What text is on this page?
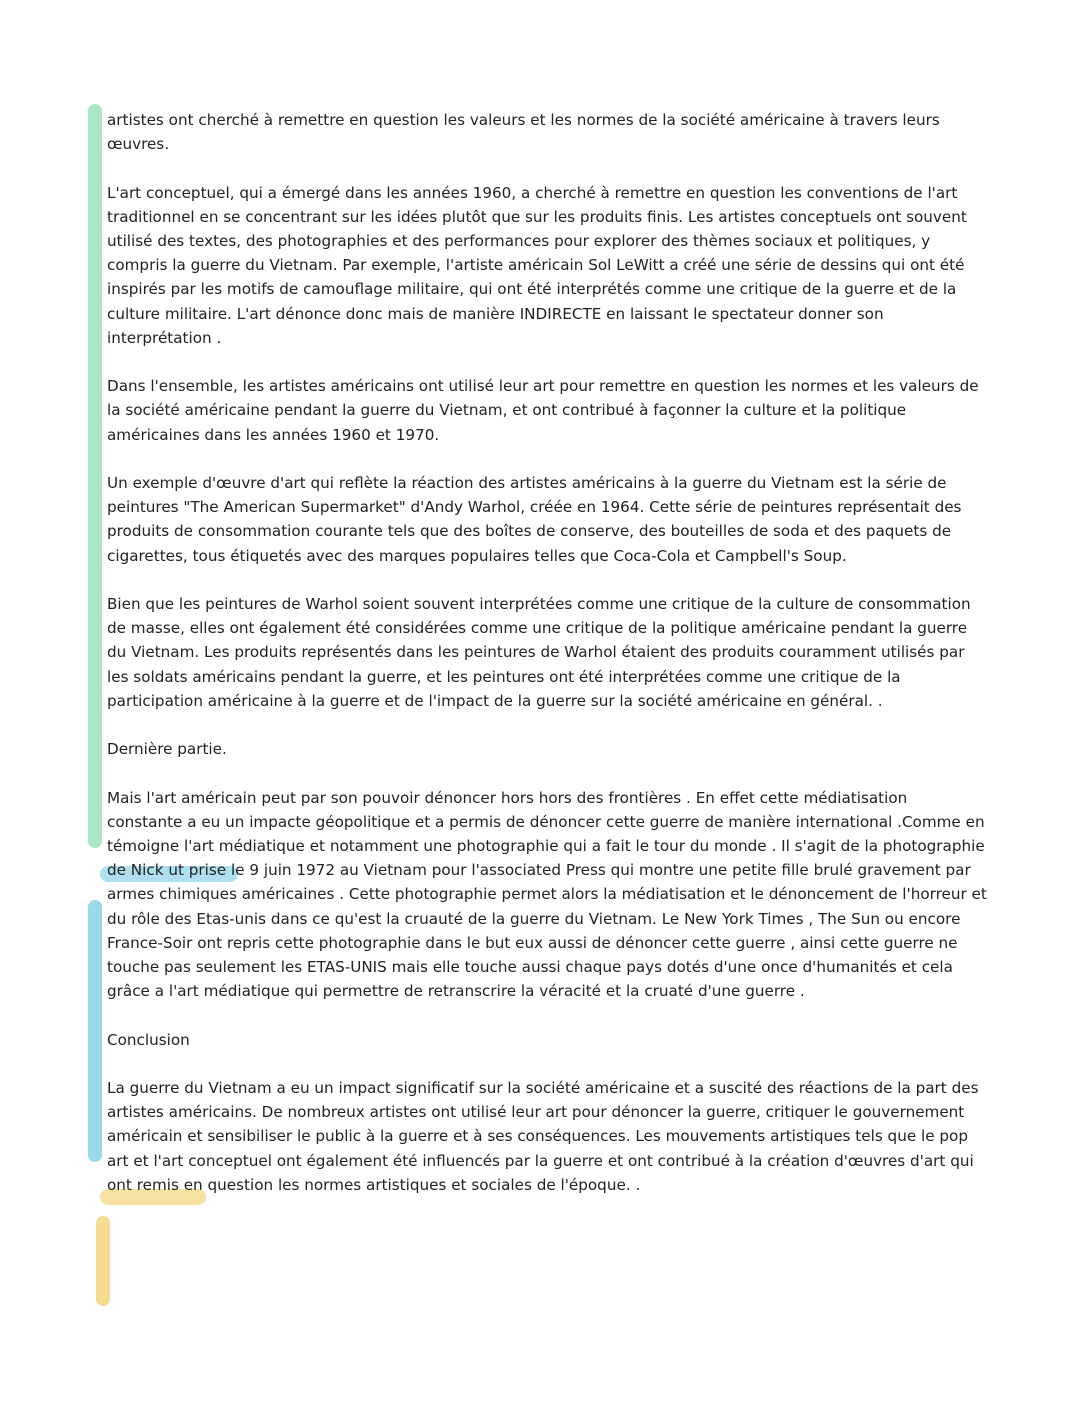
artistes ont cherché à remettre en question les valeurs et les normes de la société américaine à travers leurs œuvres.

L'art conceptuel, qui a émergé dans les années 1960, a cherché à remettre en question les conventions de l'art traditionnel en se concentrant sur les idées plutôt que sur les produits finis. Les artistes conceptuels ont souvent utilisé des textes, des photographies et des performances pour explorer des thèmes sociaux et politiques, y compris la guerre du Vietnam. Par exemple, l'artiste américain Sol LeWitt a créé une série de dessins qui ont été inspirés par les motifs de camouflage militaire, qui ont été interprétés comme une critique de la guerre et de la culture militaire. L'art dénonce donc mais de manière INDIRECTE en laissant le spectateur donner son interprétation .

Dans l'ensemble, les artistes américains ont utilisé leur art pour remettre en question les normes et les valeurs de la société américaine pendant la guerre du Vietnam, et ont contribué à façonner la culture et la politique américaines dans les années 1960 et 1970.

Un exemple d'œuvre d'art qui reflète la réaction des artistes américains à la guerre du Vietnam est la série de peintures "The American Supermarket" d'Andy Warhol, créée en 1964. Cette série de peintures représentait des produits de consommation courante tels que des boîtes de conserve, des bouteilles de soda et des paquets de cigarettes, tous étiquetés avec des marques populaires telles que Coca-Cola et Campbell's Soup.

Bien que les peintures de Warhol soient souvent interprétées comme une critique de la culture de consommation de masse, elles ont également été considérées comme une critique de la politique américaine pendant la guerre du Vietnam. Les produits représentés dans les peintures de Warhol étaient des produits couramment utilisés par les soldats américains pendant la guerre, et les peintures ont été interprétées comme une critique de la participation américaine à la guerre et de l'impact de la guerre sur la société américaine en général. .

Dernière partie.

Mais l'art américain peut par son pouvoir dénoncer hors hors des frontières . En effet cette médiatisation constante a eu un impacte géopolitique et a permis de dénoncer cette guerre de manière international .Comme en témoigne l'art médiatique et notamment une photographie qui a fait le tour du monde . Il s'agit de la photographie de Nick ut prise le 9 juin 1972 au Vietnam pour l'associated Press qui montre une petite fille brulé gravement par armes chimiques américaines . Cette photographie permet alors la médiatisation et le dénoncement de l'horreur et du rôle des Etas-unis dans ce qu'est la cruauté de la guerre du Vietnam. Le New York Times , The Sun ou encore France-Soir ont repris cette photographie dans le but eux aussi de dénoncer cette guerre , ainsi cette guerre ne touche pas seulement les ETAS-UNIS mais elle touche aussi chaque pays dotés d'une once d'humanités et cela grâce a l'art médiatique qui permettre de retranscrire la véracité et la cruaté d'une guerre .

Conclusion

La guerre du Vietnam a eu un impact significatif sur la société américaine et a suscité des réactions de la part des artistes américains. De nombreux artistes ont utilisé leur art pour dénoncer la guerre, critiquer le gouvernement américain et sensibiliser le public à la guerre et à ses conséquences. Les mouvements artistiques tels que le pop art et l'art conceptuel ont également été influencés par la guerre et ont contribué à la création d'œuvres d'art qui ont remis en question les normes artistiques et sociales de l'époque. .
